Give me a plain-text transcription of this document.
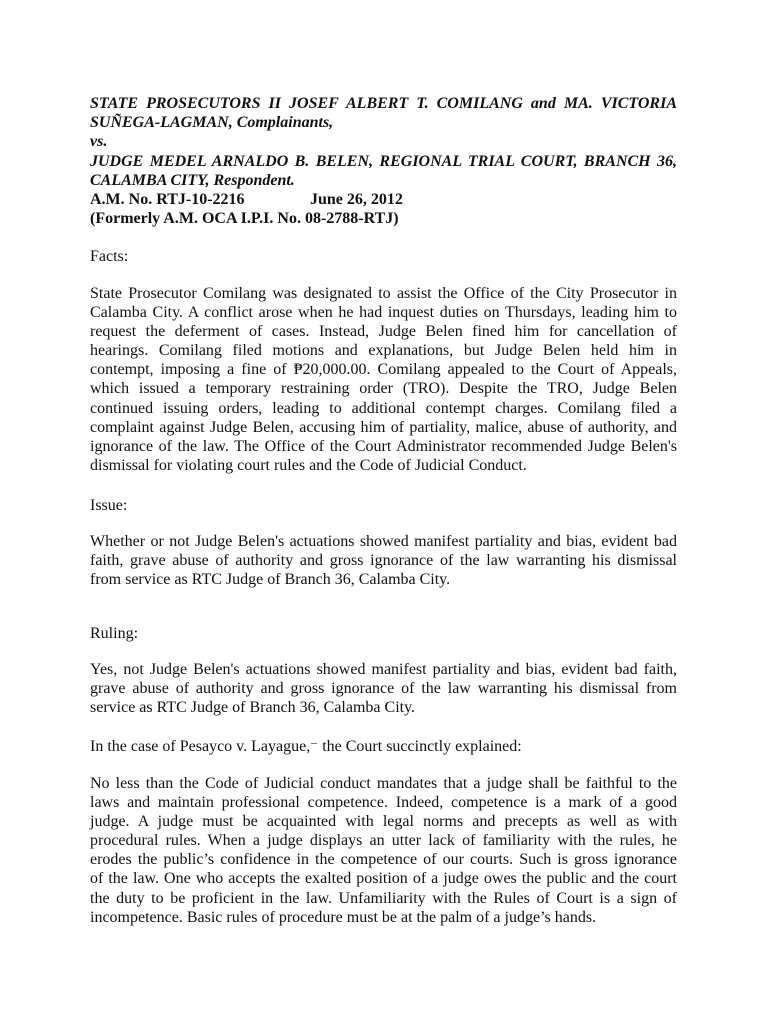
STATE PROSECUTORS II JOSEF ALBERT T. COMILANG and MA. VICTORIA
SUÑEGA-LAGMAN, Complainants,
vs.
JUDGE MEDEL ARNALDO B. BELEN, REGIONAL TRIAL COURT, BRANCH 36,
CALAMBA CITY, Respondent.
A.M. No. RTJ-10-2216	June 26, 2012
(Formerly A.M. OCA I.P.I. No. 08-2788-RTJ)
Facts:
State Prosecutor Comilang was designated to assist the Office of the City Prosecutor in
Calamba City. A conflict arose when he had inquest duties on Thursdays, leading him to
request the deferment of cases. Instead, Judge Belen fined him for cancellation of
hearings. Comilang filed motions and explanations, but Judge Belen held him in
contempt, imposing a fine of ₱20,000.00. Comilang appealed to the Court of Appeals,
which issued a temporary restraining order (TRO). Despite the TRO, Judge Belen
continued issuing orders, leading to additional contempt charges. Comilang filed a
complaint against Judge Belen, accusing him of partiality, malice, abuse of authority, and
ignorance of the law. The Office of the Court Administrator recommended Judge Belen's
dismissal for violating court rules and the Code of Judicial Conduct.
Issue:
Whether or not Judge Belen's actuations showed manifest partiality and bias, evident bad
faith, grave abuse of authority and gross ignorance of the law warranting his dismissal
from service as RTC Judge of Branch 36, Calamba City.
Ruling:
Yes, not Judge Belen's actuations showed manifest partiality and bias, evident bad faith,
grave abuse of authority and gross ignorance of the law warranting his dismissal from
service as RTC Judge of Branch 36, Calamba City.
In the case of Pesayco v. Layague, the Court succinctly explained:
No less than the Code of Judicial conduct mandates that a judge shall be faithful to the
laws and maintain professional competence. Indeed, competence is a mark of a good
judge. A judge must be acquainted with legal norms and precepts as well as with
procedural rules. When a judge displays an utter lack of familiarity with the rules, he
erodes the public’s confidence in the competence of our courts. Such is gross ignorance
of the law. One who accepts the exalted position of a judge owes the public and the court
the duty to be proficient in the law. Unfamiliarity with the Rules of Court is a sign of
incompetence. Basic rules of procedure must be at the palm of a judge’s hands.
